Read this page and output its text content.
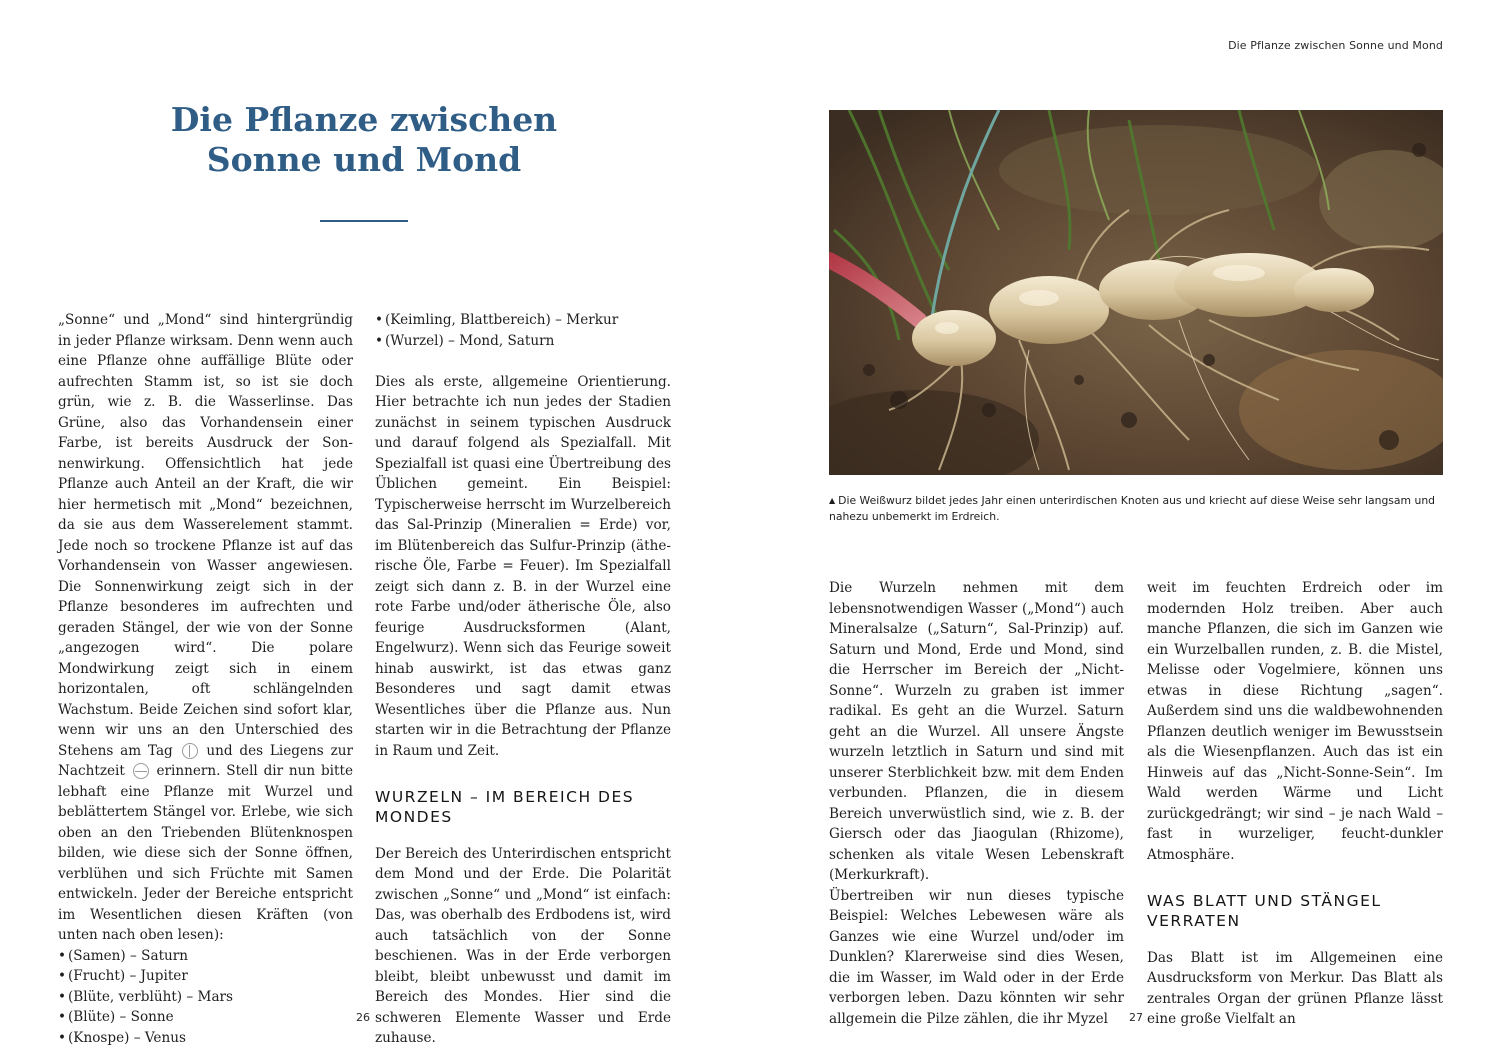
Die Pflanze zwischen
Sonne und Mond

„Sonne“ und „Mond“ sind hintergründig in jeder Pflanze wirksam. Denn wenn auch eine Pflanze ohne auffällige Blüte oder aufrechten Stamm ist, so ist sie doch grün, wie z. B. die Wasserlinse. Das Grüne, also das Vorhandensein einer Farbe, ist bereits Ausdruck der Sonnenwirkung. Offensichtlich hat jede Pflanze auch Anteil an der Kraft, die wir hier hermetisch mit „Mond“ bezeichnen, da sie aus dem Wasserelement stammt. Jede noch so trockene Pflanze ist auf das Vorhandensein von Wasser angewiesen. Die Sonnenwirkung zeigt sich in der Pflanze besonderes im aufrechten und geraden Stängel, der wie von der Sonne „angezogen wird“. Die polare Mondwirkung zeigt sich in einem horizontalen, oft schlängelnden Wachstum. Beide Zeichen sind sofort klar, wenn wir uns an den Unterschied des Stehens am Tag und des Liegens zur Nachtzeit erinnern. Stell dir nun bitte lebhaft eine Pflanze mit Wurzel und beblättertem Stängel vor. Erlebe, wie sich oben an den Triebenden Blütenknospen bilden, wie diese sich der Sonne öffnen, verblühen und sich Früchte mit Samen entwickeln. Jeder der Bereiche entspricht im Wesentlichen diesen Kräften (von unten nach oben lesen):

• (Samen) – Saturn
• (Frucht) – Jupiter
• (Blüte, verblüht) – Mars
• (Blüte) – Sonne
• (Knospe) – Venus
• (Keimling, Blattbereich) – Merkur
• (Wurzel) – Mond, Saturn

Dies als erste, allgemeine Orientierung. Hier betrachte ich nun jedes der Stadien zunächst in seinem typischen Ausdruck und darauf folgend als Spezialfall. Mit Spezialfall ist quasi eine Übertreibung des Üblichen gemeint. Ein Beispiel: Typischerweise herrscht im Wurzelbereich das Sal-Prinzip (Mineralien = Erde) vor, im Blütenbereich das Sulfur-Prinzip (ätherische Öle, Farbe = Feuer). Im Spezialfall zeigt sich dann z. B. in der Wurzel eine rote Farbe und/oder ätherische Öle, also feurige Ausdrucksformen (Alant, Engelwurz). Wenn sich das Feurige soweit hinab auswirkt, ist das etwas ganz Besonderes und sagt damit etwas Wesentliches über die Pflanze aus. Nun starten wir in die Betrachtung der Pflanze in Raum und Zeit.

WURZELN – IM BEREICH DES MONDES

Der Bereich des Unterirdischen entspricht dem Mond und der Erde. Die Polarität zwischen „Sonne“ und „Mond“ ist einfach: Das, was oberhalb des Erdbodens ist, wird auch tatsächlich von der Sonne beschienen. Was in der Erde verborgen bleibt, bleibt unbewusst und damit im Bereich des Mondes. Hier sind die schweren Elemente Wasser und Erde zuhause.

26
Die Pflanze zwischen Sonne und Mond
▲ Die Weißwurz bildet jedes Jahr einen unterirdischen Knoten aus und kriecht auf diese Weise sehr langsam und nahezu unbemerkt im Erdreich.

Die Wurzeln nehmen mit dem lebensnotwendigen Wasser („Mond“) auch Mineralsalze („Saturn“, Sal-Prinzip) auf. Saturn und Mond, Erde und Mond, sind die Herrscher im Bereich der „Nicht-Sonne“. Wurzeln zu graben ist immer radikal. Es geht an die Wurzel. Saturn geht an die Wurzel. All unsere Ängste wurzeln letztlich in Saturn und sind mit unserer Sterblichkeit bzw. mit dem Enden verbunden. Pflanzen, die in diesem Bereich unverwüstlich sind, wie z. B. der Giersch oder das Jiaogulan (Rhizome), schenken als vitale Wesen Lebenskraft (Merkurkraft).

Übertreiben wir nun dieses typische Beispiel: Welches Lebewesen wäre als Ganzes wie eine Wurzel und/oder im Dunklen? Klarerweise sind dies Wesen, die im Wasser, im Wald oder in der Erde verborgen leben. Dazu könnten wir sehr allgemein die Pilze zählen, die ihr Myzel

weit im feuchten Erdreich oder im modernden Holz treiben. Aber auch manche Pflanzen, die sich im Ganzen wie ein Wurzelballen runden, z. B. die Mistel, Melisse oder Vogelmiere, können uns etwas in diese Richtung „sagen“. Außerdem sind uns die waldbewohnenden Pflanzen deutlich weniger im Bewusstsein als die Wiesenpflanzen. Auch das ist ein Hinweis auf das „Nicht-Sonne-Sein“. Im Wald werden Wärme und Licht zurückgedrängt; wir sind – je nach Wald – fast in wurzeliger, feucht-dunkler Atmosphäre.

WAS BLATT UND STÄNGEL VERRATEN

Das Blatt ist im Allgemeinen eine Ausdrucksform von Merkur. Das Blatt als zentrales Organ der grünen Pflanze lässt eine große Vielfalt an

27
